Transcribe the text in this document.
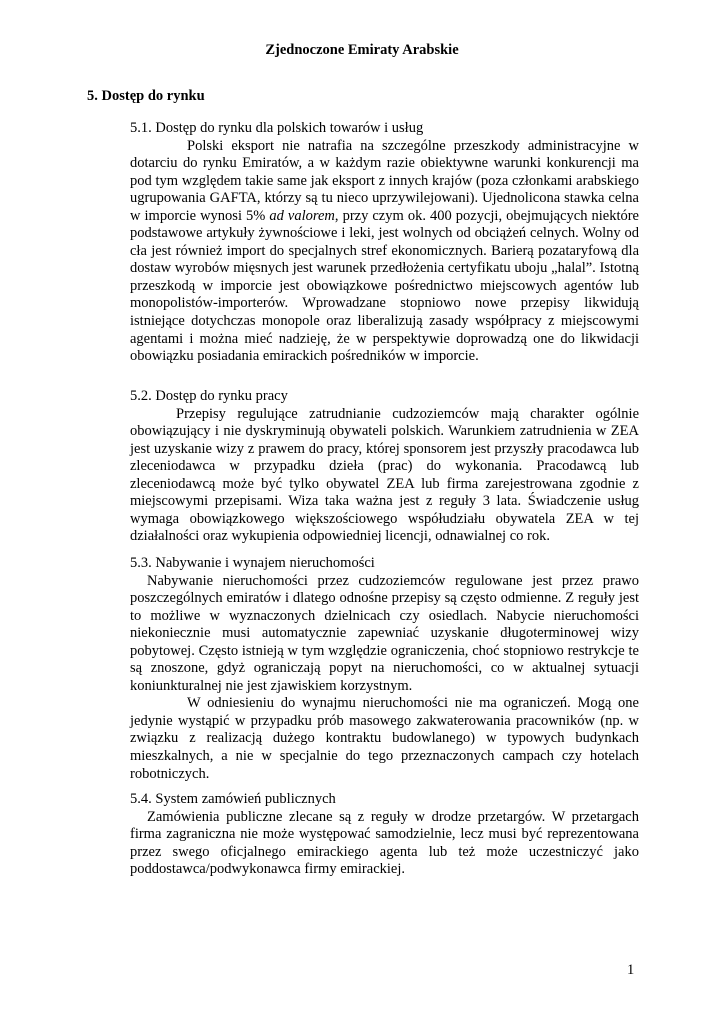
Zjednoczone Emiraty Arabskie
5. Dostęp do rynku
5.1. Dostęp do rynku dla polskich towarów i usług

Polski eksport nie natrafia na szczególne przeszkody administracyjne w dotarciu do rynku Emiratów, a w każdym razie obiektywne warunki konkurencji ma pod tym względem takie same jak eksport z innych krajów (poza członkami arabskiego ugrupowania GAFTA, którzy są tu nieco uprzywilejowani). Ujednolicona stawka celna w imporcie wynosi 5% ad valorem, przy czym ok. 400 pozycji, obejmujących niektóre podstawowe artykuły żywnościowe i leki, jest wolnych od obciążeń celnych. Wolny od cła jest również import do specjalnych stref ekonomicznych. Barierą pozataryfową dla dostaw wyrobów mięsnych jest warunek przedłożenia certyfikatu uboju „halal”. Istotną przeszkodą w imporcie jest obowiązkowe pośrednictwo miejscowych agentów lub monopolistów-importerów. Wprowadzane stopniowo nowe przepisy likwidują istniejące dotychczas monopole oraz liberalizują zasady współpracy z miejscowymi agentami i można mieć nadzieję, że w perspektywie doprowadzą one do likwidacji obowiązku posiadania emirackich pośredników w imporcie.

5.2. Dostęp do rynku pracy

Przepisy regulujące zatrudnianie cudzoziemców mają charakter ogólnie obowiązujący i nie dyskryminują obywateli polskich. Warunkiem zatrudnienia w ZEA jest uzyskanie wizy z prawem do pracy, której sponsorem jest przyszły pracodawca lub zleceniodawca w przypadku dzieła (prac) do wykonania. Pracodawcą lub zleceniodawcą może być tylko obywatel ZEA lub firma zarejestrowana zgodnie z miejscowymi przepisami. Wiza taka ważna jest z reguły 3 lata. Świadczenie usług wymaga obowiązkowego większościowego współudziału obywatela ZEA w tej działalności oraz wykupienia odpowiedniej licencji, odnawialnej co rok.

5.3. Nabywanie i wynajem nieruchomości

Nabywanie nieruchomości przez cudzoziemców regulowane jest przez prawo poszczególnych emiratów i dlatego odnośne przepisy są często odmienne. Z reguły jest to możliwe w wyznaczonych dzielnicach czy osiedlach. Nabycie nieruchomości niekoniecznie musi automatycznie zapewniać uzyskanie długoterminowej wizy pobytowej. Często istnieją w tym względzie ograniczenia, choć stopniowo restrykcje te są znoszone, gdyż ograniczają popyt na nieruchomości, co w aktualnej sytuacji koniunkturalnej nie jest zjawiskiem korzystnym.

W odniesieniu do wynajmu nieruchomości nie ma ograniczeń. Mogą one jedynie wystąpić w przypadku prób masowego zakwaterowania pracowników (np. w związku z realizacją dużego kontraktu budowlanego) w typowych budynkach mieszkalnych, a nie w specjalnie do tego przeznaczonych campach czy hotelach robotniczych.

5.4. System zamówień publicznych

Zamówienia publiczne zlecane są z reguły w drodze przetargów. W przetargach firma zagraniczna nie może występować samodzielnie, lecz musi być reprezentowana przez swego oficjalnego emirackiego agenta lub też może uczestniczyć jako poddostawca/podwykonawca firmy emirackiej.

1
